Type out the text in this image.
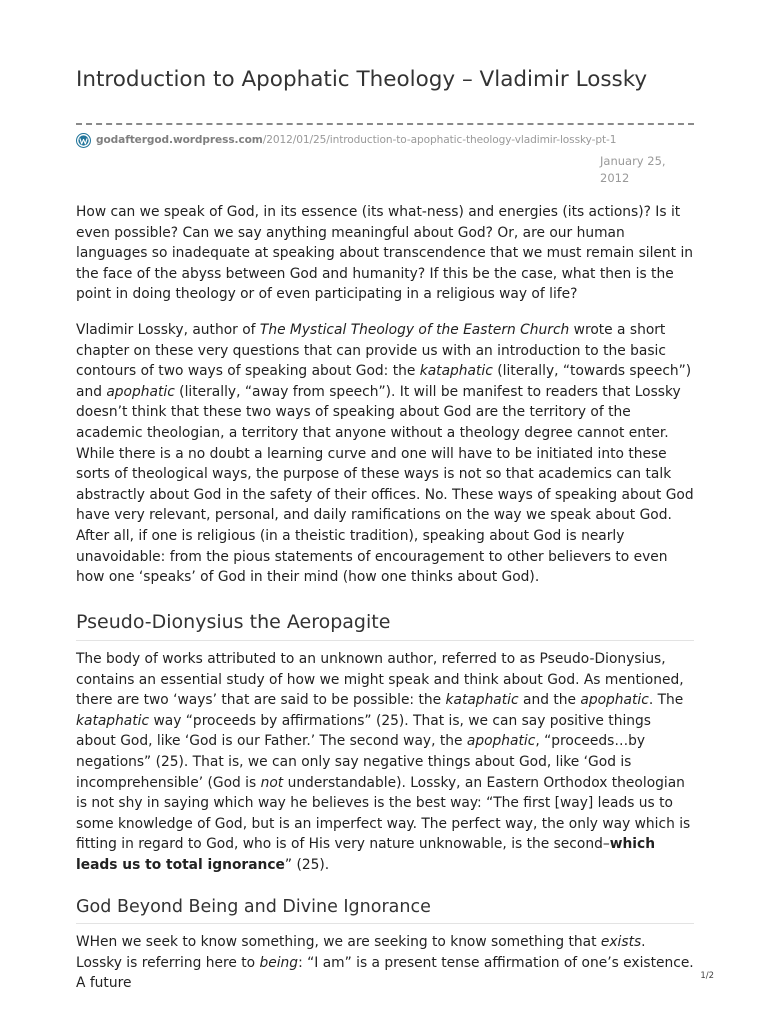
Introduction to Apophatic Theology – Vladimir Lossky
godaftergod.wordpress.com/2012/01/25/introduction-to-apophatic-theology-vladimir-lossky-pt-1
January 25,
2012

How can we speak of God, in its essence (its what-ness) and energies (its actions)? Is it even possible? Can we say anything meaningful about God? Or, are our human languages so inadequate at speaking about transcendence that we must remain silent in the face of the abyss between God and humanity? If this be the case, what then is the point in doing theology or of even participating in a religious way of life?

Vladimir Lossky, author of The Mystical Theology of the Eastern Church wrote a short chapter on these very questions that can provide us with an introduction to the basic contours of two ways of speaking about God: the kataphatic (literally, “towards speech”) and apophatic (literally, “away from speech”). It will be manifest to readers that Lossky doesn’t think that these two ways of speaking about God are the territory of the academic theologian, a territory that anyone without a theology degree cannot enter. While there is a no doubt a learning curve and one will have to be initiated into these sorts of theological ways, the purpose of these ways is not so that academics can talk abstractly about God in the safety of their offices. No. These ways of speaking about God have very relevant, personal, and daily ramifications on the way we speak about God. After all, if one is religious (in a theistic tradition), speaking about God is nearly unavoidable: from the pious statements of encouragement to other believers to even how one ‘speaks’ of God in their mind (how one thinks about God).

Pseudo-Dionysius the Aeropagite

The body of works attributed to an unknown author, referred to as Pseudo-Dionysius, contains an essential study of how we might speak and think about God. As mentioned, there are two ‘ways’ that are said to be possible: the kataphatic and the apophatic. The kataphatic way “proceeds by affirmations” (25). That is, we can say positive things about God, like ‘God is our Father.’ The second way, the apophatic, “proceeds…by negations” (25). That is, we can only say negative things about God, like ‘God is incomprehensible’ (God is not understandable). Lossky, an Eastern Orthodox theologian is not shy in saying which way he believes is the best way: “The first [way] leads us to some knowledge of God, but is an imperfect way. The perfect way, the only way which is fitting in regard to God, who is of His very nature unknowable, is the second–which leads us to total ignorance” (25).

God Beyond Being and Divine Ignorance

WHen we seek to know something, we are seeking to know something that exists. Lossky is referring here to being: “I am” is a present tense affirmation of one’s existence. A future	1/2
